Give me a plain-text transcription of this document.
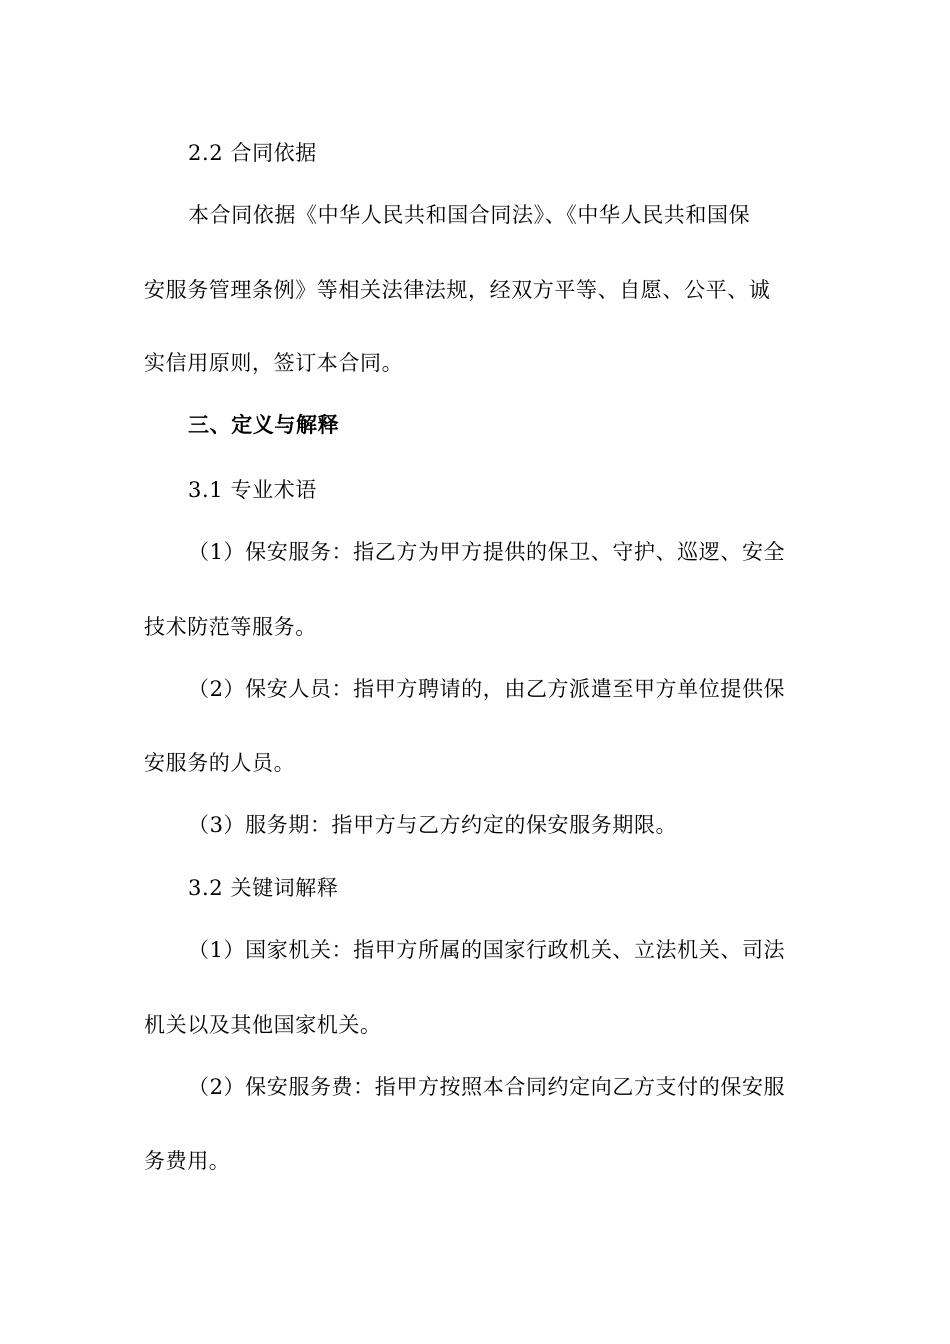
2.2 合同依据
本合同依据《中华人民共和国合同法》、《中华人民共和国保
安服务管理条例》等相关法律法规，经双方平等、自愿、公平、诚
实信用原则，签订本合同。
三、定义与解释
3.1 专业术语
（1）保安服务：指乙方为甲方提供的保卫、守护、巡逻、安全
技术防范等服务。
（2）保安人员：指甲方聘请的，由乙方派遣至甲方单位提供保
安服务的人员。
（3）服务期：指甲方与乙方约定的保安服务期限。
3.2 关键词解释
（1）国家机关：指甲方所属的国家行政机关、立法机关、司法
机关以及其他国家机关。
（2）保安服务费：指甲方按照本合同约定向乙方支付的保安服
务费用。
